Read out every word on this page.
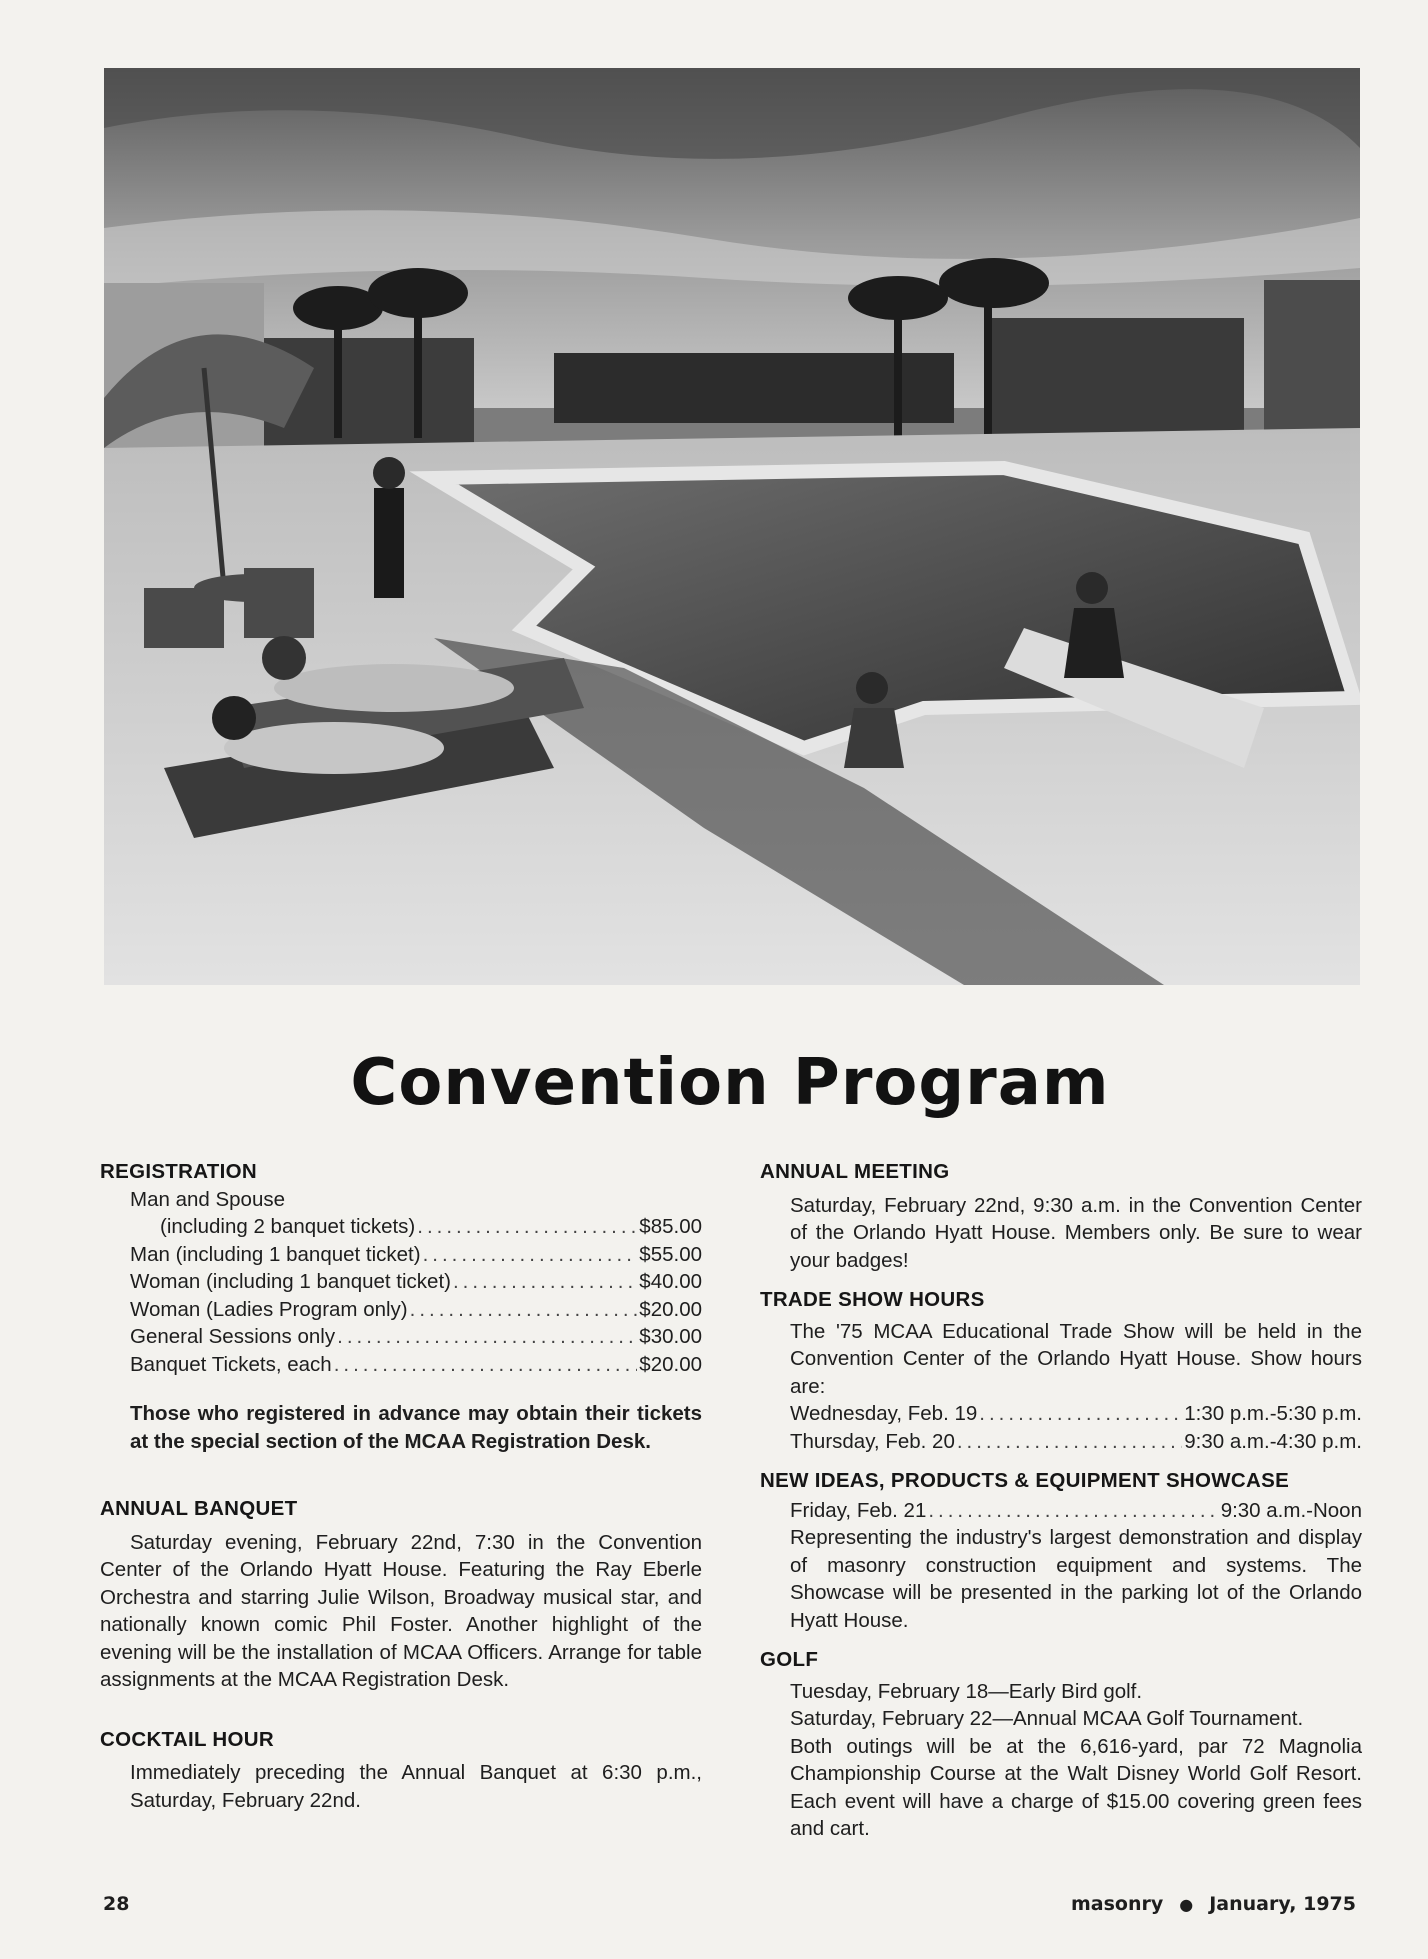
Convention Program
REGISTRATION
Man and Spouse
(including 2 banquet tickets) .....	$85.00
Man (including 1 banquet ticket) .....	$55.00
Woman (including 1 banquet ticket) .....	$40.00
Woman (Ladies Program only) .....	$20.00
General Sessions only .....	$30.00
Banquet Tickets, each .....	$20.00
Those who registered in advance may obtain their tickets at the special section of the MCAA Registration Desk.
ANNUAL BANQUET
Saturday evening, February 22nd, 7:30 in the Convention Center of the Orlando Hyatt House. Featuring the Ray Eberle Orchestra and starring Julie Wilson, Broadway musical star, and nationally known comic Phil Foster. Another highlight of the evening will be the installation of MCAA Officers. Arrange for table assignments at the MCAA Registration Desk.
COCKTAIL HOUR
Immediately preceding the Annual Banquet at 6:30 p.m., Saturday, February 22nd.
ANNUAL MEETING
Saturday, February 22nd, 9:30 a.m. in the Convention Center of the Orlando Hyatt House. Members only. Be sure to wear your badges!
TRADE SHOW HOURS
The '75 MCAA Educational Trade Show will be held in the Convention Center of the Orlando Hyatt House. Show hours are:
Wednesday, Feb. 19 .....	1:30 p.m.-5:30 p.m.
Thursday, Feb. 20 .....	9:30 a.m.-4:30 p.m.
NEW IDEAS, PRODUCTS & EQUIPMENT SHOWCASE
Friday, Feb. 21 .....	9:30 a.m.-Noon
Representing the industry's largest demonstration and display of masonry construction equipment and systems. The Showcase will be presented in the parking lot of the Orlando Hyatt House.
GOLF
Tuesday, February 18—Early Bird golf.
Saturday, February 22—Annual MCAA Golf Tournament.
Both outings will be at the 6,616-yard, par 72 Magnolia Championship Course at the Walt Disney World Golf Resort. Each event will have a charge of $15.00 covering green fees and cart.
28	masonry ● January, 1975
